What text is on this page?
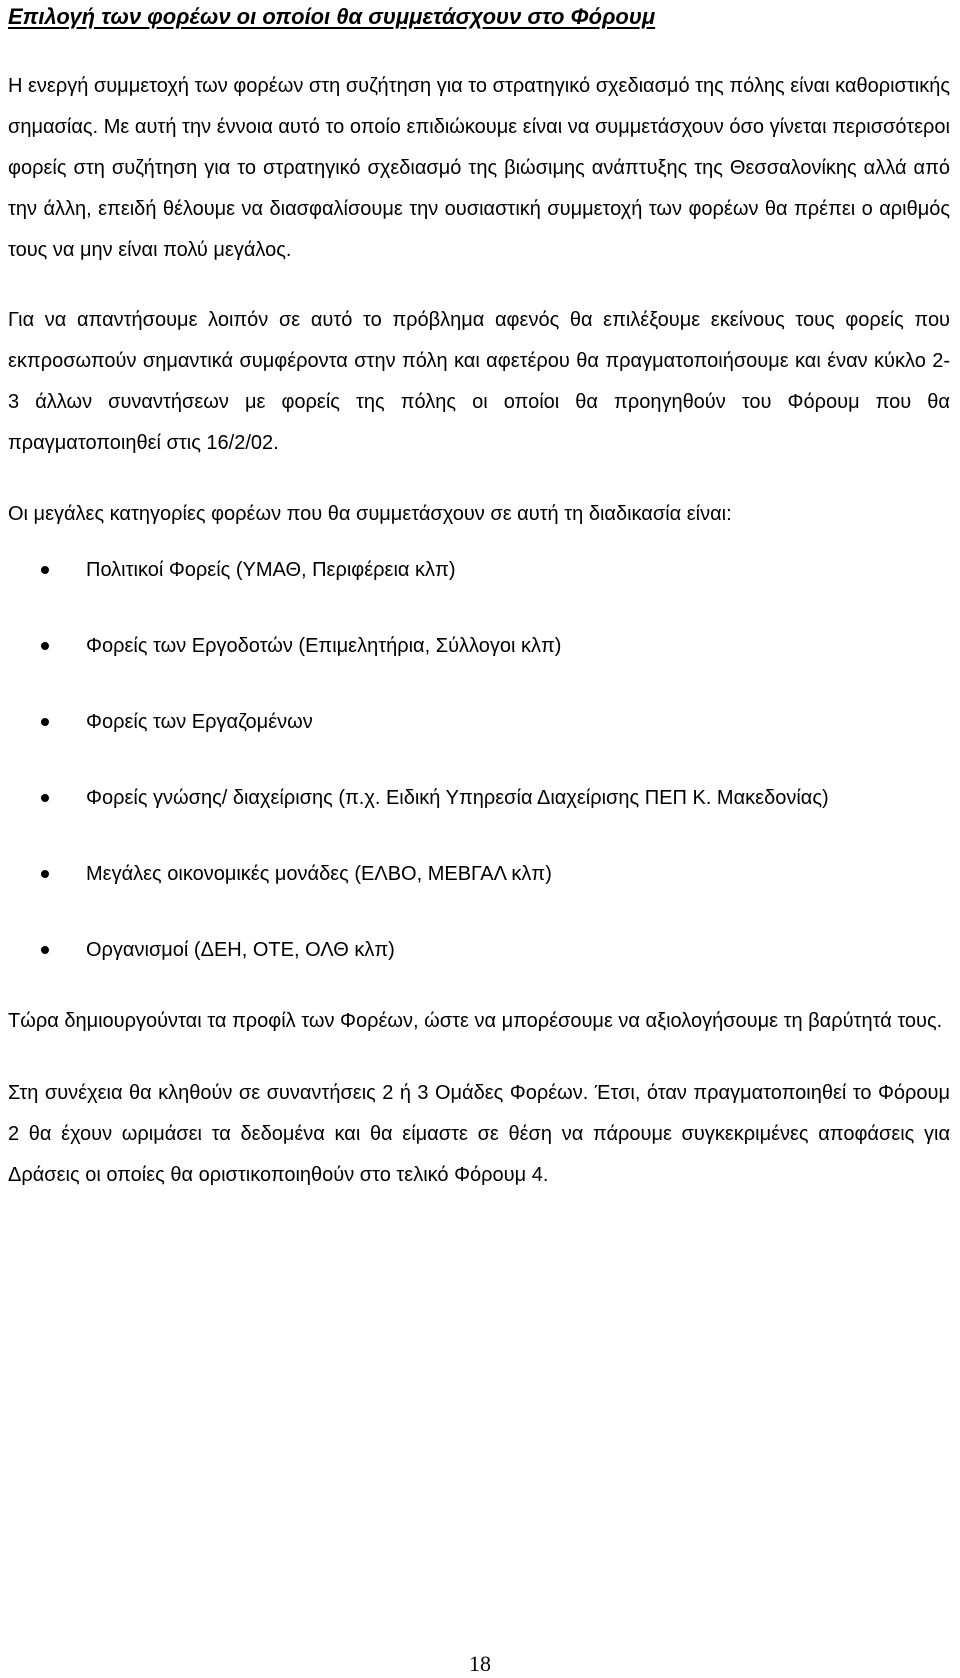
Επιλογή των φορέων οι οποίοι θα συμμετάσχουν στο Φόρουμ

Η ενεργή συμμετοχή των φορέων στη συζήτηση για το στρατηγικό σχεδιασμό της πόλης είναι καθοριστικής σημασίας. Με αυτή την έννοια αυτό το οποίο επιδιώκουμε είναι να συμμετάσχουν όσο γίνεται περισσότεροι φορείς στη συζήτηση για το στρατηγικό σχεδιασμό της βιώσιμης ανάπτυξης της Θεσσαλονίκης αλλά από την άλλη, επειδή θέλουμε να διασφαλίσουμε την ουσιαστική συμμετοχή των φορέων θα πρέπει ο αριθμός τους να μην είναι πολύ μεγάλος.

Για να απαντήσουμε λοιπόν σε αυτό το πρόβλημα αφενός θα επιλέξουμε εκείνους τους φορείς που εκπροσωπούν σημαντικά συμφέροντα στην πόλη και αφετέρου θα πραγματοποιήσουμε και έναν κύκλο 2-3 άλλων συναντήσεων με φορείς της πόλης οι οποίοι θα προηγηθούν του Φόρουμ που θα πραγματοποιηθεί στις 16/2/02.

Οι μεγάλες κατηγορίες φορέων που θα συμμετάσχουν σε αυτή τη διαδικασία είναι:

Πολιτικοί Φορείς (ΥΜΑΘ, Περιφέρεια κλπ)
Φορείς των Εργοδοτών (Επιμελητήρια, Σύλλογοι κλπ)
Φορείς των Εργαζομένων
Φορείς γνώσης/ διαχείρισης (π.χ. Ειδική Υπηρεσία Διαχείρισης ΠΕΠ Κ. Μακεδονίας)
Μεγάλες οικονομικές μονάδες (ΕΛΒΟ, ΜΕΒΓΑΛ κλπ)
Οργανισμοί (ΔΕΗ, ΟΤΕ, ΟΛΘ κλπ)

Τώρα δημιουργούνται τα προφίλ των Φορέων, ώστε να μπορέσουμε να αξιολογήσουμε τη βαρύτητά τους.

Στη συνέχεια θα κληθούν σε συναντήσεις 2 ή 3 Ομάδες Φορέων. Έτσι, όταν πραγματοποιηθεί το Φόρουμ 2 θα έχουν ωριμάσει τα δεδομένα και θα είμαστε σε θέση να πάρουμε συγκεκριμένες αποφάσεις για Δράσεις οι οποίες θα οριστικοποιηθούν στο τελικό Φόρουμ 4.

18
